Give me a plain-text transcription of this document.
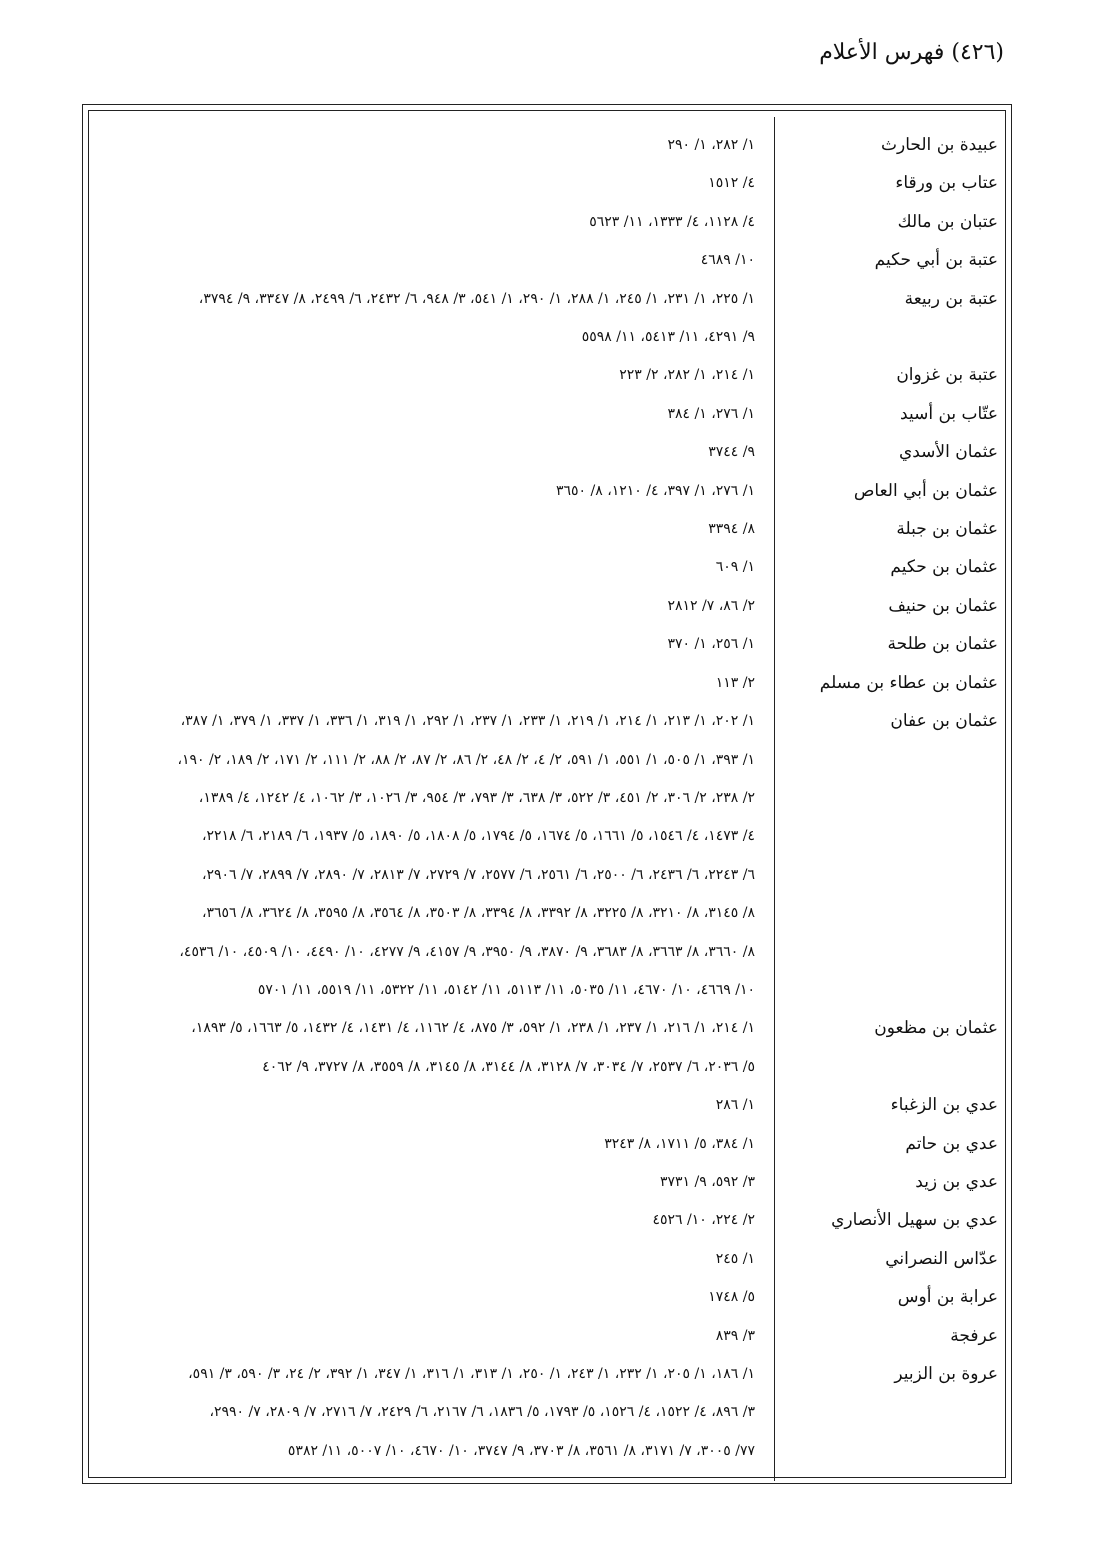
(٤٢٦) فهرس الأعلام
عبيدة بن الحارث
١/ ٢٨٢، ١/ ٢٩٠
عتاب بن ورقاء
٤/ ١٥١٢
عتبان بن مالك
٤/ ١١٢٨، ٤/ ١٣٣٣، ١١/ ٥٦٢٣
عتبة بن أبي حكيم
١٠/ ٤٦٨٩
عتبة بن ربيعة
١/ ٢٢٥، ١/ ٢٣١، ١/ ٢٤٥، ١/ ٢٨٨، ١/ ٢٩٠، ١/ ٥٤١، ٣/ ٩٤٨، ٦/ ٢٤٣٢، ٦/ ٢٤٩٩، ٨/ ٣٣٤٧، ٩/ ٣٧٩٤،
٩/ ٤٢٩١، ١١/ ٥٤١٣، ١١/ ٥٥٩٨
عتبة بن غزوان
١/ ٢١٤، ١/ ٢٨٢، ٢/ ٢٢٣
عتّاب بن أسيد
١/ ٢٧٦، ١/ ٣٨٤
عثمان الأسدي
٩/ ٣٧٤٤
عثمان بن أبي العاص
١/ ٢٧٦، ١/ ٣٩٧، ٤/ ١٢١٠، ٨/ ٣٦٥٠
عثمان بن جبلة
٨/ ٣٣٩٤
عثمان بن حكيم
١/ ٦٠٩
عثمان بن حنيف
٢/ ٨٦، ٧/ ٢٨١٢
عثمان بن طلحة
١/ ٢٥٦، ١/ ٣٧٠
عثمان بن عطاء بن مسلم
٢/ ١١٣
عثمان بن عفان
١/ ٢٠٢، ١/ ٢١٣، ١/ ٢١٤، ١/ ٢١٩، ١/ ٢٣٣، ١/ ٢٣٧، ١/ ٢٩٢، ١/ ٣١٩، ١/ ٣٣٦، ١/ ٣٣٧، ١/ ٣٧٩، ١/ ٣٨٧،
١/ ٣٩٣، ١/ ٥٠٥، ١/ ٥٥١، ١/ ٥٩١، ٢/ ٤، ٢/ ٤٨، ٢/ ٨٦، ٢/ ٨٧، ٢/ ٨٨، ٢/ ١١١، ٢/ ١٧١، ٢/ ١٨٩، ٢/ ١٩٠،
٢/ ٢٣٨، ٢/ ٣٠٦، ٢/ ٤٥١، ٣/ ٥٢٢، ٣/ ٦٣٨، ٣/ ٧٩٣، ٣/ ٩٥٤، ٣/ ١٠٢٦، ٣/ ١٠٦٢، ٤/ ١٢٤٢، ٤/ ١٣٨٩،
٤/ ١٤٧٣، ٤/ ١٥٤٦، ٥/ ١٦٦١، ٥/ ١٦٧٤، ٥/ ١٧٩٤، ٥/ ١٨٠٨، ٥/ ١٨٩٠، ٥/ ١٩٣٧، ٦/ ٢١٨٩، ٦/ ٢٢١٨،
٦/ ٢٢٤٣، ٦/ ٢٤٣٦، ٦/ ٢٥٠٠، ٦/ ٢٥٦١، ٦/ ٢٥٧٧، ٧/ ٢٧٢٩، ٧/ ٢٨١٣، ٧/ ٢٨٩٠، ٧/ ٢٨٩٩، ٧/ ٢٩٠٦،
٨/ ٣١٤٥، ٨/ ٣٢١٠، ٨/ ٣٢٢٥، ٨/ ٣٣٩٢، ٨/ ٣٣٩٤، ٨/ ٣٥٠٣، ٨/ ٣٥٦٤، ٨/ ٣٥٩٥، ٨/ ٣٦٢٤، ٨/ ٣٦٥٦،
٨/ ٣٦٦٠، ٨/ ٣٦٦٣، ٨/ ٣٦٨٣، ٩/ ٣٨٧٠، ٩/ ٣٩٥٠، ٩/ ٤١٥٧، ٩/ ٤٢٧٧، ١٠/ ٤٤٩٠، ١٠/ ٤٥٠٩، ١٠/ ٤٥٣٦،
١٠/ ٤٦٦٩، ١٠/ ٤٦٧٠، ١١/ ٥٠٣٥، ١١/ ٥١١٣، ١١/ ٥١٤٢، ١١/ ٥٣٢٢، ١١/ ٥٥١٩، ١١/ ٥٧٠١
عثمان بن مظعون
١/ ٢١٤، ١/ ٢١٦، ١/ ٢٣٧، ١/ ٢٣٨، ١/ ٥٩٢، ٣/ ٨٧٥، ٤/ ١١٦٢، ٤/ ١٤٣١، ٤/ ١٤٣٢، ٥/ ١٦٦٣، ٥/ ١٨٩٣،
٥/ ٢٠٣٦، ٦/ ٢٥٣٧، ٧/ ٣٠٣٤، ٧/ ٣١٢٨، ٨/ ٣١٤٤، ٨/ ٣١٤٥، ٨/ ٣٥٥٩، ٨/ ٣٧٢٧، ٩/ ٤٠٦٢
عدي بن الزغباء
١/ ٢٨٦
عدي بن حاتم
١/ ٣٨٤، ٥/ ١٧١١، ٨/ ٣٢٤٣
عدي بن زيد
٣/ ٥٩٢، ٩/ ٣٧٣١
عدي بن سهيل الأنصاري
٢/ ٢٢٤، ١٠/ ٤٥٢٦
عدّاس النصراني
١/ ٢٤٥
عرابة بن أوس
٥/ ١٧٤٨
عرفجة
٣/ ٨٣٩
عروة بن الزبير
١/ ١٨٦، ١/ ٢٠٥، ١/ ٢٣٢، ١/ ٢٤٣، ١/ ٢٥٠، ١/ ٣١٣، ١/ ٣١٦، ١/ ٣٤٧، ١/ ٣٩٢، ٢/ ٢٤، ٣/ ٥٩٠، ٣/ ٥٩١،
٣/ ٨٩٦، ٤/ ١٥٢٢، ٤/ ١٥٢٦، ٥/ ١٧٩٣، ٥/ ١٨٣٦، ٦/ ٢١٦٧، ٦/ ٢٤٢٩، ٧/ ٢٧١٦، ٧/ ٢٨٠٩، ٧/ ٢٩٩٠،
٧٧/ ٣٠٠٥، ٧/ ٣١٧١، ٨/ ٣٥٦١، ٨/ ٣٧٠٣، ٩/ ٣٧٤٧، ١٠/ ٤٦٧٠، ١٠/ ٥٠٠٧، ١١/ ٥٣٨٢
